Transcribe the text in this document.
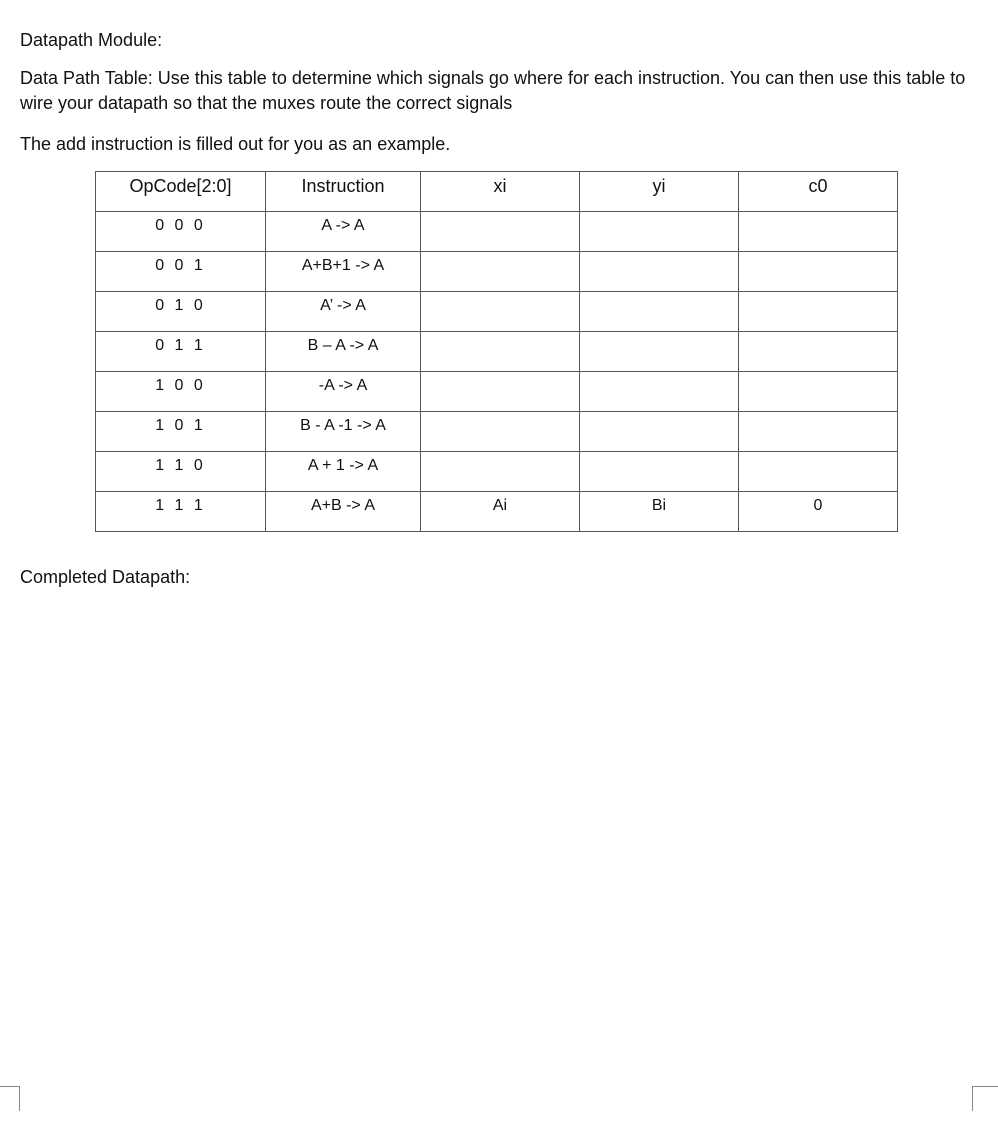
Datapath Module:

Data Path Table: Use this table to determine which signals go where for each instruction. You can then use this table to wire your datapath so that the muxes route the correct signals

The add instruction is filled out for you as an example.

OpCode[2:0]	Instruction	xi	yi	c0
0 0 0	A -> A			
0 0 1	A+B+1 -> A			
0 1 0	A’ -> A			
0 1 1	B – A -> A			
1 0 0	-A -> A			
1 0 1	B - A -1 -> A			
1 1 0	A + 1 -> A			
1 1 1	A+B -> A	Ai	Bi	0

Completed Datapath:
